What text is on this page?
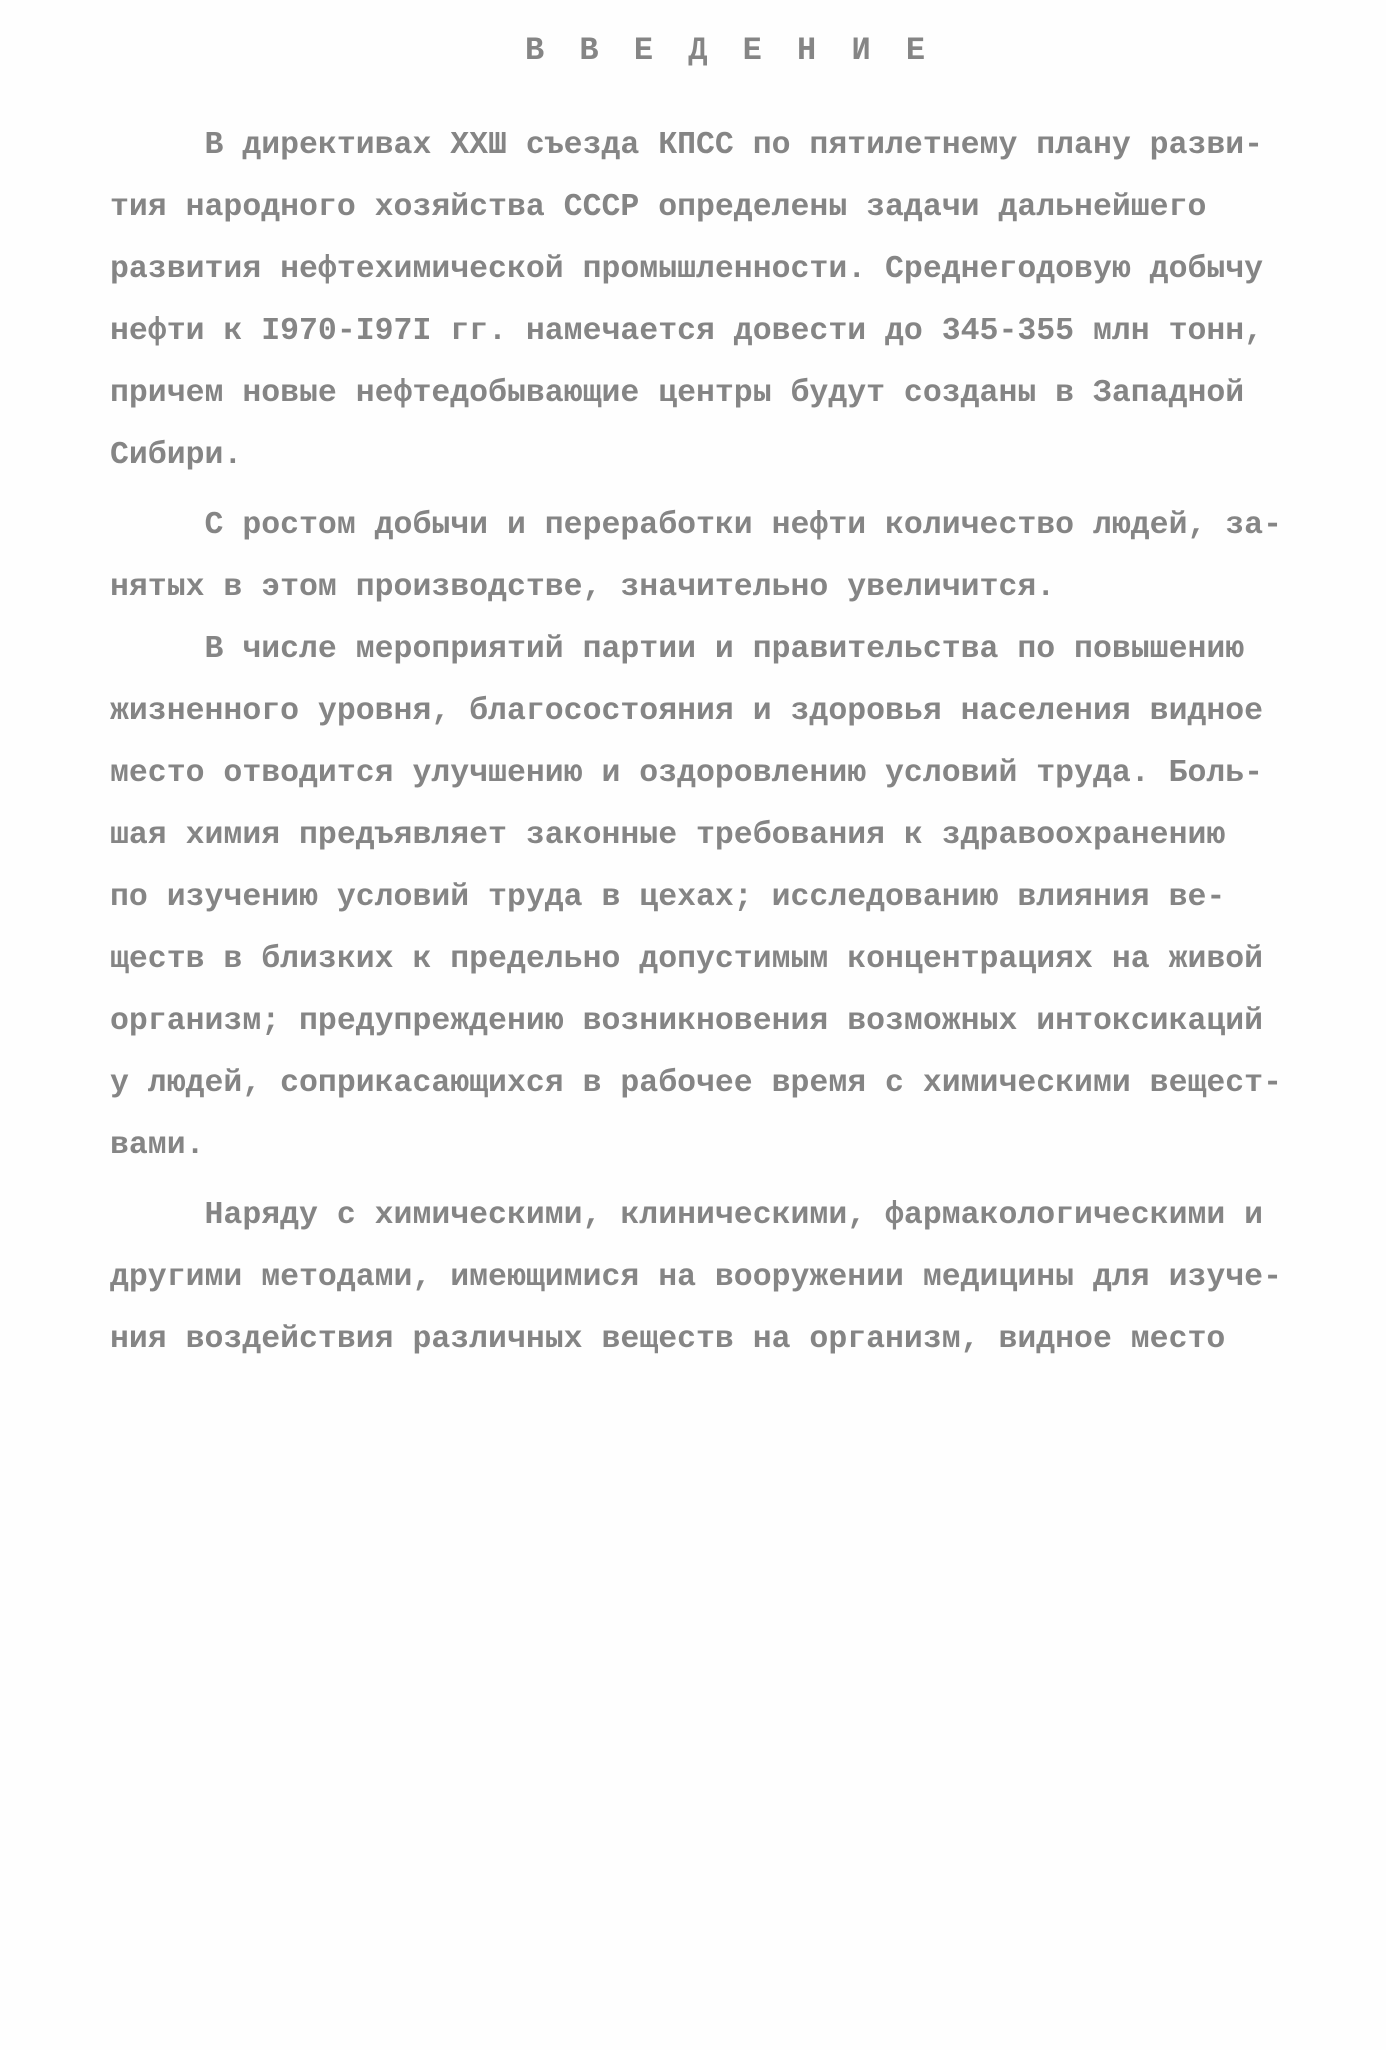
В В Е Д Е Н И Е
В директивах XXШ съезда КПСС по пятилетнему плану разви-
тия народного хозяйства СССР определены задачи дальнейшего
развития нефтехимической промышленности. Среднегодовую добычу
нефти к I970-I97I гг. намечается довести до 345-355 млн тонн,
причем новые нефтедобывающие центры будут созданы в Западной
Сибири.
С ростом добычи и переработки нефти количество людей, за-
нятых в этом производстве, значительно увеличится.
В числе мероприятий партии и правительства по повышению
жизненного уровня, благосостояния и здоровья населения видное
место отводится улучшению и оздоровлению условий труда. Боль-
шая химия предъявляет законные требования к здравоохранению
по изучению условий труда в цехах; исследованию влияния ве-
ществ в близких к предельно допустимым концентрациях на живой
организм; предупреждению возникновения возможных интоксикаций
у людей, соприкасающихся в рабочее время с химическими вещест-
вами.
Наряду с химическими, клиническими, фармакологическими и
другими методами, имеющимися на вооружении медицины для изуче-
ния воздействия различных веществ на организм, видное место
